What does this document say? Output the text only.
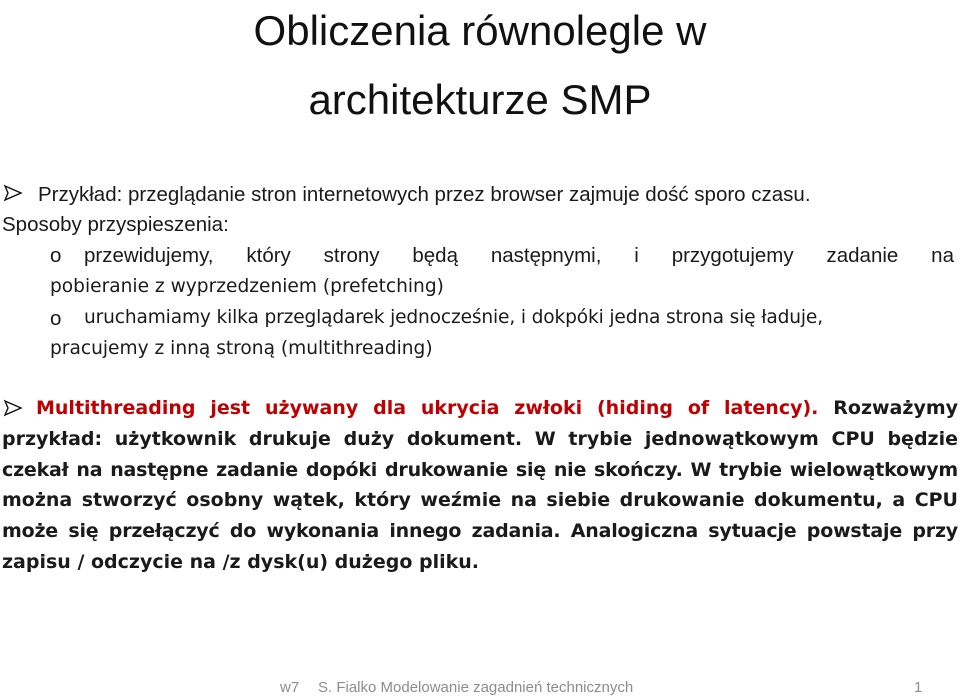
Obliczenia równolegle w
architekturze SMP
Przykład: przeglądanie stron internetowych przez browser zajmuje dość sporo czasu.
Sposoby przyspieszenia:
o	przewidujemy, który strony będą następnymi, i przygotujemy zadanie na
pobieranie z wyprzedzeniem (prefetching)
o	uruchamiamy kilka przeglądarek jednocześnie, i dokpóki jedna strona się ładuje,
pracujemy z inną stroną (multithreading)
Multithreading jest używany dla ukrycia zwłoki (hiding of latency). Rozważymy
przykład: użytkownik drukuje duży dokument. W trybie jednowątkowym CPU będzie
czekał na następne zadanie dopóki drukowanie się nie skończy. W trybie wielowątkowym
można stworzyć osobny wątek, który weźmie na siebie drukowanie dokumentu, a CPU
może się przełączyć do wykonania innego zadania. Analogiczna sytuacje powstaje przy
zapisu / odczycie na /z dysk(u) dużego pliku.
w7 S. Fialko Modelowanie zagadnień technicznych	1
